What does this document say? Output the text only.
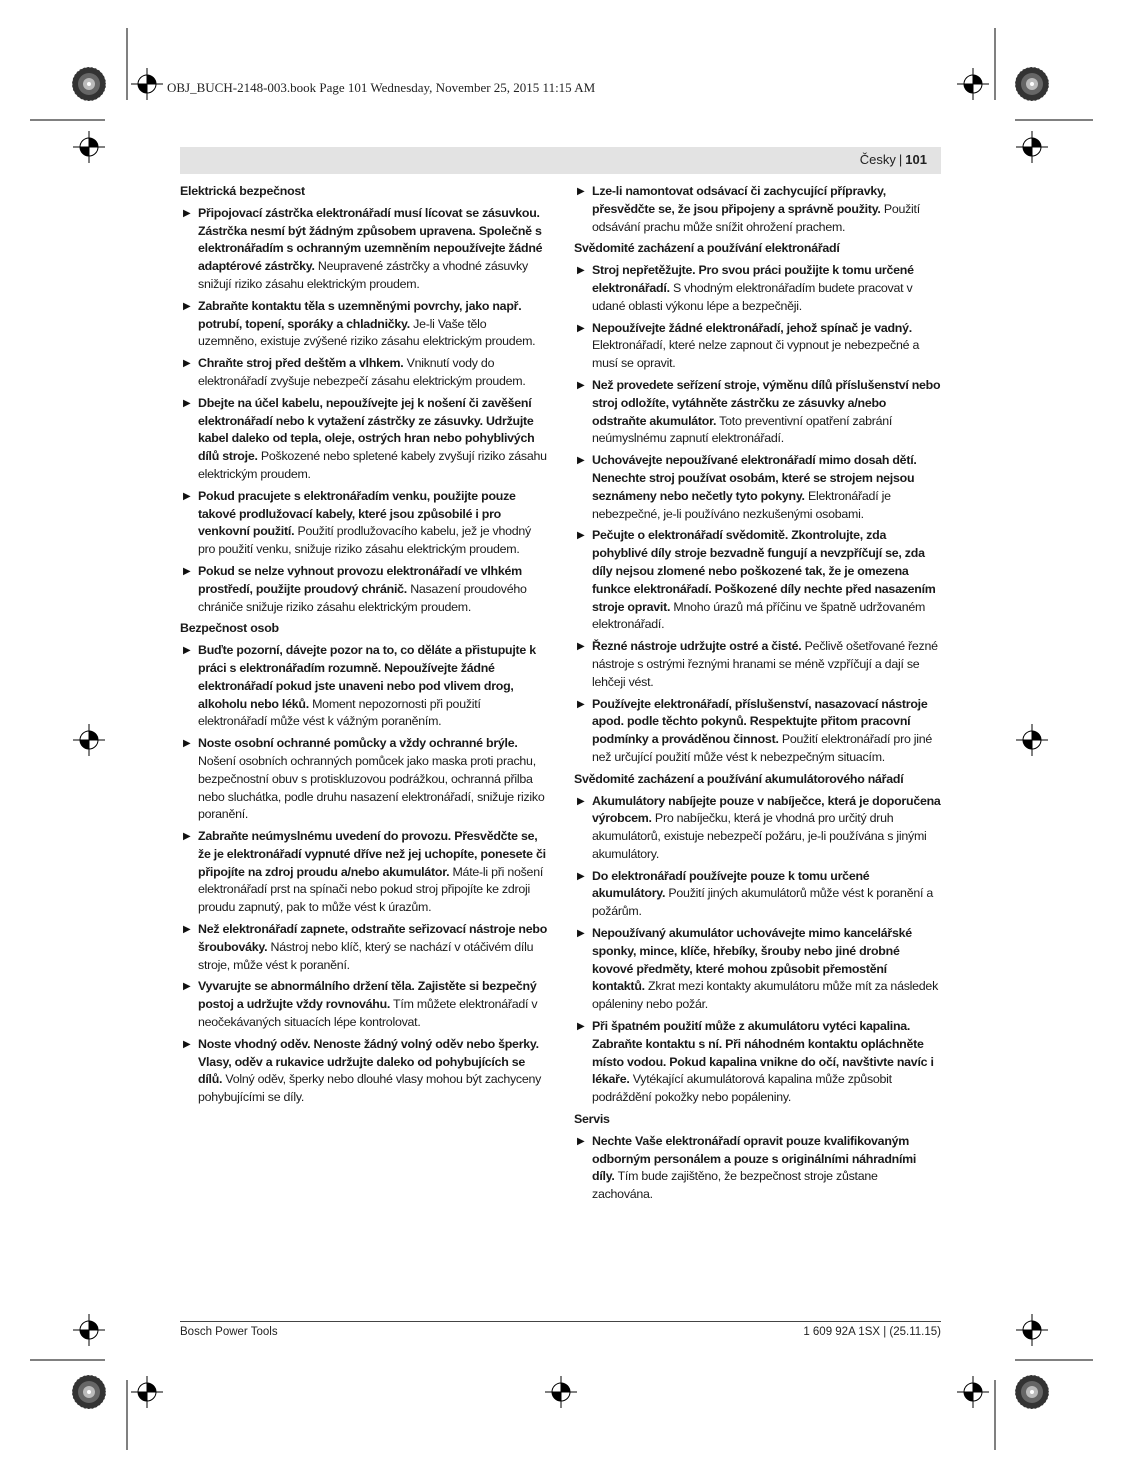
OBJ_BUCH-2148-003.book Page 101 Wednesday, November 25, 2015 11:15 AM

Česky | 101
Elektrická bezpečnost
▶ Připojovací zástrčka elektronářadí musí lícovat se zásuvkou. Zástrčka nesmí být žádným způsobem upravena. Společně s elektronářadím s ochranným uzemněním nepoužívejte žádné adaptérové zástrčky. Neupravené zástrčky a vhodné zásuvky snižují riziko zásahu elektrickým proudem.
▶ Zabraňte kontaktu těla s uzemněnými povrchy, jako např. potrubí, topení, sporáky a chladničky. Je-li Vaše tělo uzemněno, existuje zvýšené riziko zásahu elektrickým proudem.
▶ Chraňte stroj před deštěm a vlhkem. Vniknutí vody do elektronářadí zvyšuje nebezpečí zásahu elektrickým proudem.
▶ Dbejte na účel kabelu, nepoužívejte jej k nošení či zavěšení elektronářadí nebo k vytažení zástrčky ze zásuvky. Udržujte kabel daleko od tepla, oleje, ostrých hran nebo pohyblivých dílů stroje. Poškozené nebo spletené kabely zvyšují riziko zásahu elektrickým proudem.
▶ Pokud pracujete s elektronářadím venku, použijte pouze takové prodlužovací kabely, které jsou způsobilé i pro venkovní použití. Použití prodlužovacího kabelu, jež je vhodný pro použití venku, snižuje riziko zásahu elektrickým proudem.
▶ Pokud se nelze vyhnout provozu elektronářadí ve vlhkém prostředí, použijte proudový chránič. Nasazení proudového chrániče snižuje riziko zásahu elektrickým proudem.
Bezpečnost osob
▶ Buďte pozorní, dávejte pozor na to, co děláte a přistupujte k práci s elektronářadím rozumně. Nepoužívejte žádné elektronářadí pokud jste unaveni nebo pod vlivem drog, alkoholu nebo léků. Moment nepozornosti při použití elektronářadí může vést k vážným poraněním.
▶ Noste osobní ochranné pomůcky a vždy ochranné brýle. Nošení osobních ochranných pomůcek jako maska proti prachu, bezpečnostní obuv s protiskluzovou podrážkou, ochranná přilba nebo sluchátka, podle druhu nasazení elektronářadí, snižuje riziko poranění.
▶ Zabraňte neúmyslnému uvedení do provozu. Přesvědčte se, že je elektronářadí vypnuté dříve než jej uchopíte, ponesete či připojíte na zdroj proudu a/nebo akumulátor. Máte-li při nošení elektronářadí prst na spínači nebo pokud stroj připojíte ke zdroji proudu zapnutý, pak to může vést k úrazům.
▶ Než elektronářadí zapnete, odstraňte seřizovací nástroje nebo šroubováky. Nástroj nebo klíč, který se nachází v otáčivém dílu stroje, může vést k poranění.
▶ Vyvarujte se abnormálního držení těla. Zajistěte si bezpečný postoj a udržujte vždy rovnováhu. Tím můžete elektronářadí v neočekávaných situacích lépe kontrolovat.
▶ Noste vhodný oděv. Nenoste žádný volný oděv nebo šperky. Vlasy, oděv a rukavice udržujte daleko od pohybujících se dílů. Volný oděv, šperky nebo dlouhé vlasy mohou být zachyceny pohybujícími se díly.
▶ Lze-li namontovat odsávací či zachycující přípravky, přesvědčte se, že jsou připojeny a správně použity. Použití odsávání prachu může snížit ohrožení prachem.
Svědomité zacházení a používání elektronářadí
▶ Stroj nepřetěžujte. Pro svou práci použijte k tomu určené elektronářadí. S vhodným elektronářadím budete pracovat v udané oblasti výkonu lépe a bezpečněji.
▶ Nepoužívejte žádné elektronářadí, jehož spínač je vadný. Elektronářadí, které nelze zapnout či vypnout je nebezpečné a musí se opravit.
▶ Než provedete seřízení stroje, výměnu dílů příslušenství nebo stroj odložíte, vytáhněte zástrčku ze zásuvky a/nebo odstraňte akumulátor. Toto preventivní opatření zabrání neúmyslnému zapnutí elektronářadí.
▶ Uchovávejte nepoužívané elektronářadí mimo dosah dětí. Nenechte stroj používat osobám, které se strojem nejsou seznámeny nebo nečetly tyto pokyny. Elektronářadí je nebezpečné, je-li používáno nezkušenými osobami.
▶ Pečujte o elektronářadí svědomitě. Zkontrolujte, zda pohyblivé díly stroje bezvadně fungují a nevzpříčují se, zda díly nejsou zlomené nebo poškozené tak, že je omezena funkce elektronářadí. Poškozené díly nechte před nasazením stroje opravit. Mnoho úrazů má příčinu ve špatně udržovaném elektronářadí.
▶ Řezné nástroje udržujte ostré a čisté. Pečlivě ošetřované řezné nástroje s ostrými řeznými hranami se méně vzpříčují a dají se lehčeji vést.
▶ Používejte elektronářadí, příslušenství, nasazovací nástroje apod. podle těchto pokynů. Respektujte přitom pracovní podmínky a prováděnou činnost. Použití elektronářadí pro jiné než určující použití může vést k nebezpečným situacím.
Svědomité zacházení a používání akumulátorového nářadí
▶ Akumulátory nabíjejte pouze v nabíječce, která je doporučena výrobcem. Pro nabíječku, která je vhodná pro určitý druh akumulátorů, existuje nebezpečí požáru, je-li používána s jinými akumulátory.
▶ Do elektronářadí používejte pouze k tomu určené akumulátory. Použití jiných akumulátorů může vést k poranění a požárům.
▶ Nepoužívaný akumulátor uchovávejte mimo kancelářské sponky, mince, klíče, hřebíky, šrouby nebo jiné drobné kovové předměty, které mohou způsobit přemostění kontaktů. Zkrat mezi kontakty akumulátoru může mít za následek opáleniny nebo požár.
▶ Při špatném použití může z akumulátoru vytéci kapalina. Zabraňte kontaktu s ní. Při náhodném kontaktu opláchněte místo vodou. Pokud kapalina vnikne do očí, navštivte navíc i lékaře. Vytékající akumulátorová kapalina může způsobit podráždění pokožky nebo popáleniny.
Servis
▶ Nechte Vaše elektronářadí opravit pouze kvalifikovaným odborným personálem a pouze s originálními náhradními díly. Tím bude zajištěno, že bezpečnost stroje zůstane zachována.
Bosch Power Tools	1 609 92A 1SX | (25.11.15)
